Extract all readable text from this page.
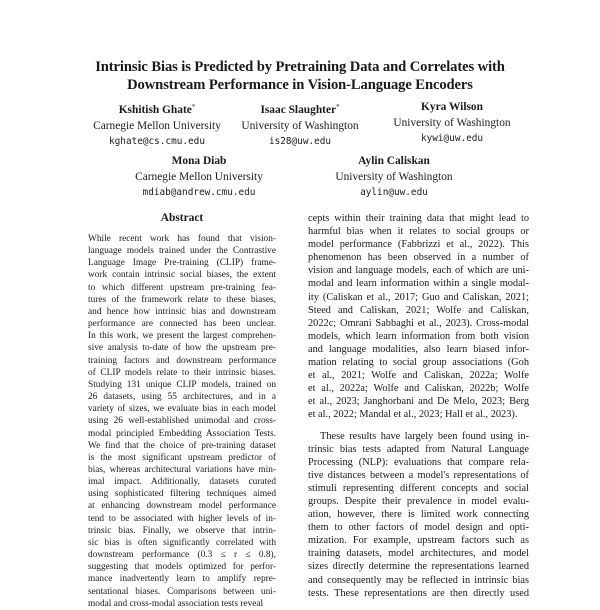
Intrinsic Bias is Predicted by Pretraining Data and Correlates with
Downstream Performance in Vision-Language Encoders
Kshitish Ghate*
Carnegie Mellon University
kghate@cs.cmu.edu
Isaac Slaughter*
University of Washington
is28@uw.edu
Kyra Wilson
University of Washington
kywi@uw.edu
Mona Diab
Carnegie Mellon University
mdiab@andrew.cmu.edu
Aylin Caliskan
University of Washington
aylin@uw.edu
Abstract
While recent work has found that vision-
language models trained under the Contrastive
Language Image Pre-training (CLIP) frame-
work contain intrinsic social biases, the extent
to which different upstream pre-training fea-
tures of the framework relate to these biases,
and hence how intrinsic bias and downstream
performance are connected has been unclear.
In this work, we present the largest comprehen-
sive analysis to-date of how the upstream pre-
training factors and downstream performance
of CLIP models relate to their intrinsic biases.
Studying 131 unique CLIP models, trained on
26 datasets, using 55 architectures, and in a
variety of sizes, we evaluate bias in each model
using 26 well-established unimodal and cross-
modal principled Embedding Association Tests.
We find that the choice of pre-training dataset
is the most significant upstream predictor of
bias, whereas architectural variations have min-
imal impact. Additionally, datasets curated
using sophisticated filtering techniques aimed
at enhancing downstream model performance
tend to be associated with higher levels of in-
trinsic bias. Finally, we observe that intrin-
sic bias is often significantly correlated with
downstream performance (0.3 ≤ r ≤ 0.8),
suggesting that models optimized for perfor-
mance inadvertently learn to amplify repre-
sentational biases. Comparisons between uni-
modal and cross-modal association tests reveal
cepts within their training data that might lead to
harmful bias when it relates to social groups or
model performance (Fabbrizzi et al., 2022). This
phenomenon has been observed in a number of
vision and language models, each of which are uni-
modal and learn information within a single modal-
ity (Caliskan et al., 2017; Guo and Caliskan, 2021;
Steed and Caliskan, 2021; Wolfe and Caliskan,
2022c; Omrani Sabbaghi et al., 2023). Cross-modal
models, which learn information from both vision
and language modalities, also learn biased infor-
mation relating to social group associations (Goh
et al., 2021; Wolfe and Caliskan, 2022a; Wolfe
et al., 2022a; Wolfe and Caliskan, 2022b; Wolfe
et al., 2023; Janghorbani and De Melo, 2023; Berg
et al., 2022; Mandal et al., 2023; Hall et al., 2023).
These results have largely been found using in-
trinsic bias tests adapted from Natural Language
Processing (NLP): evaluations that compare rela-
tive distances between a model's representations of
stimuli representing different concepts and social
groups. Despite their prevalence in model evalu-
ation, however, there is limited work connecting
them to other factors of model design and opti-
mization. For example, upstream factors such as
training datasets, model architectures, and model
sizes directly determine the representations learned
and consequently may be reflected in intrinsic bias
tests. These representations are then directly used
